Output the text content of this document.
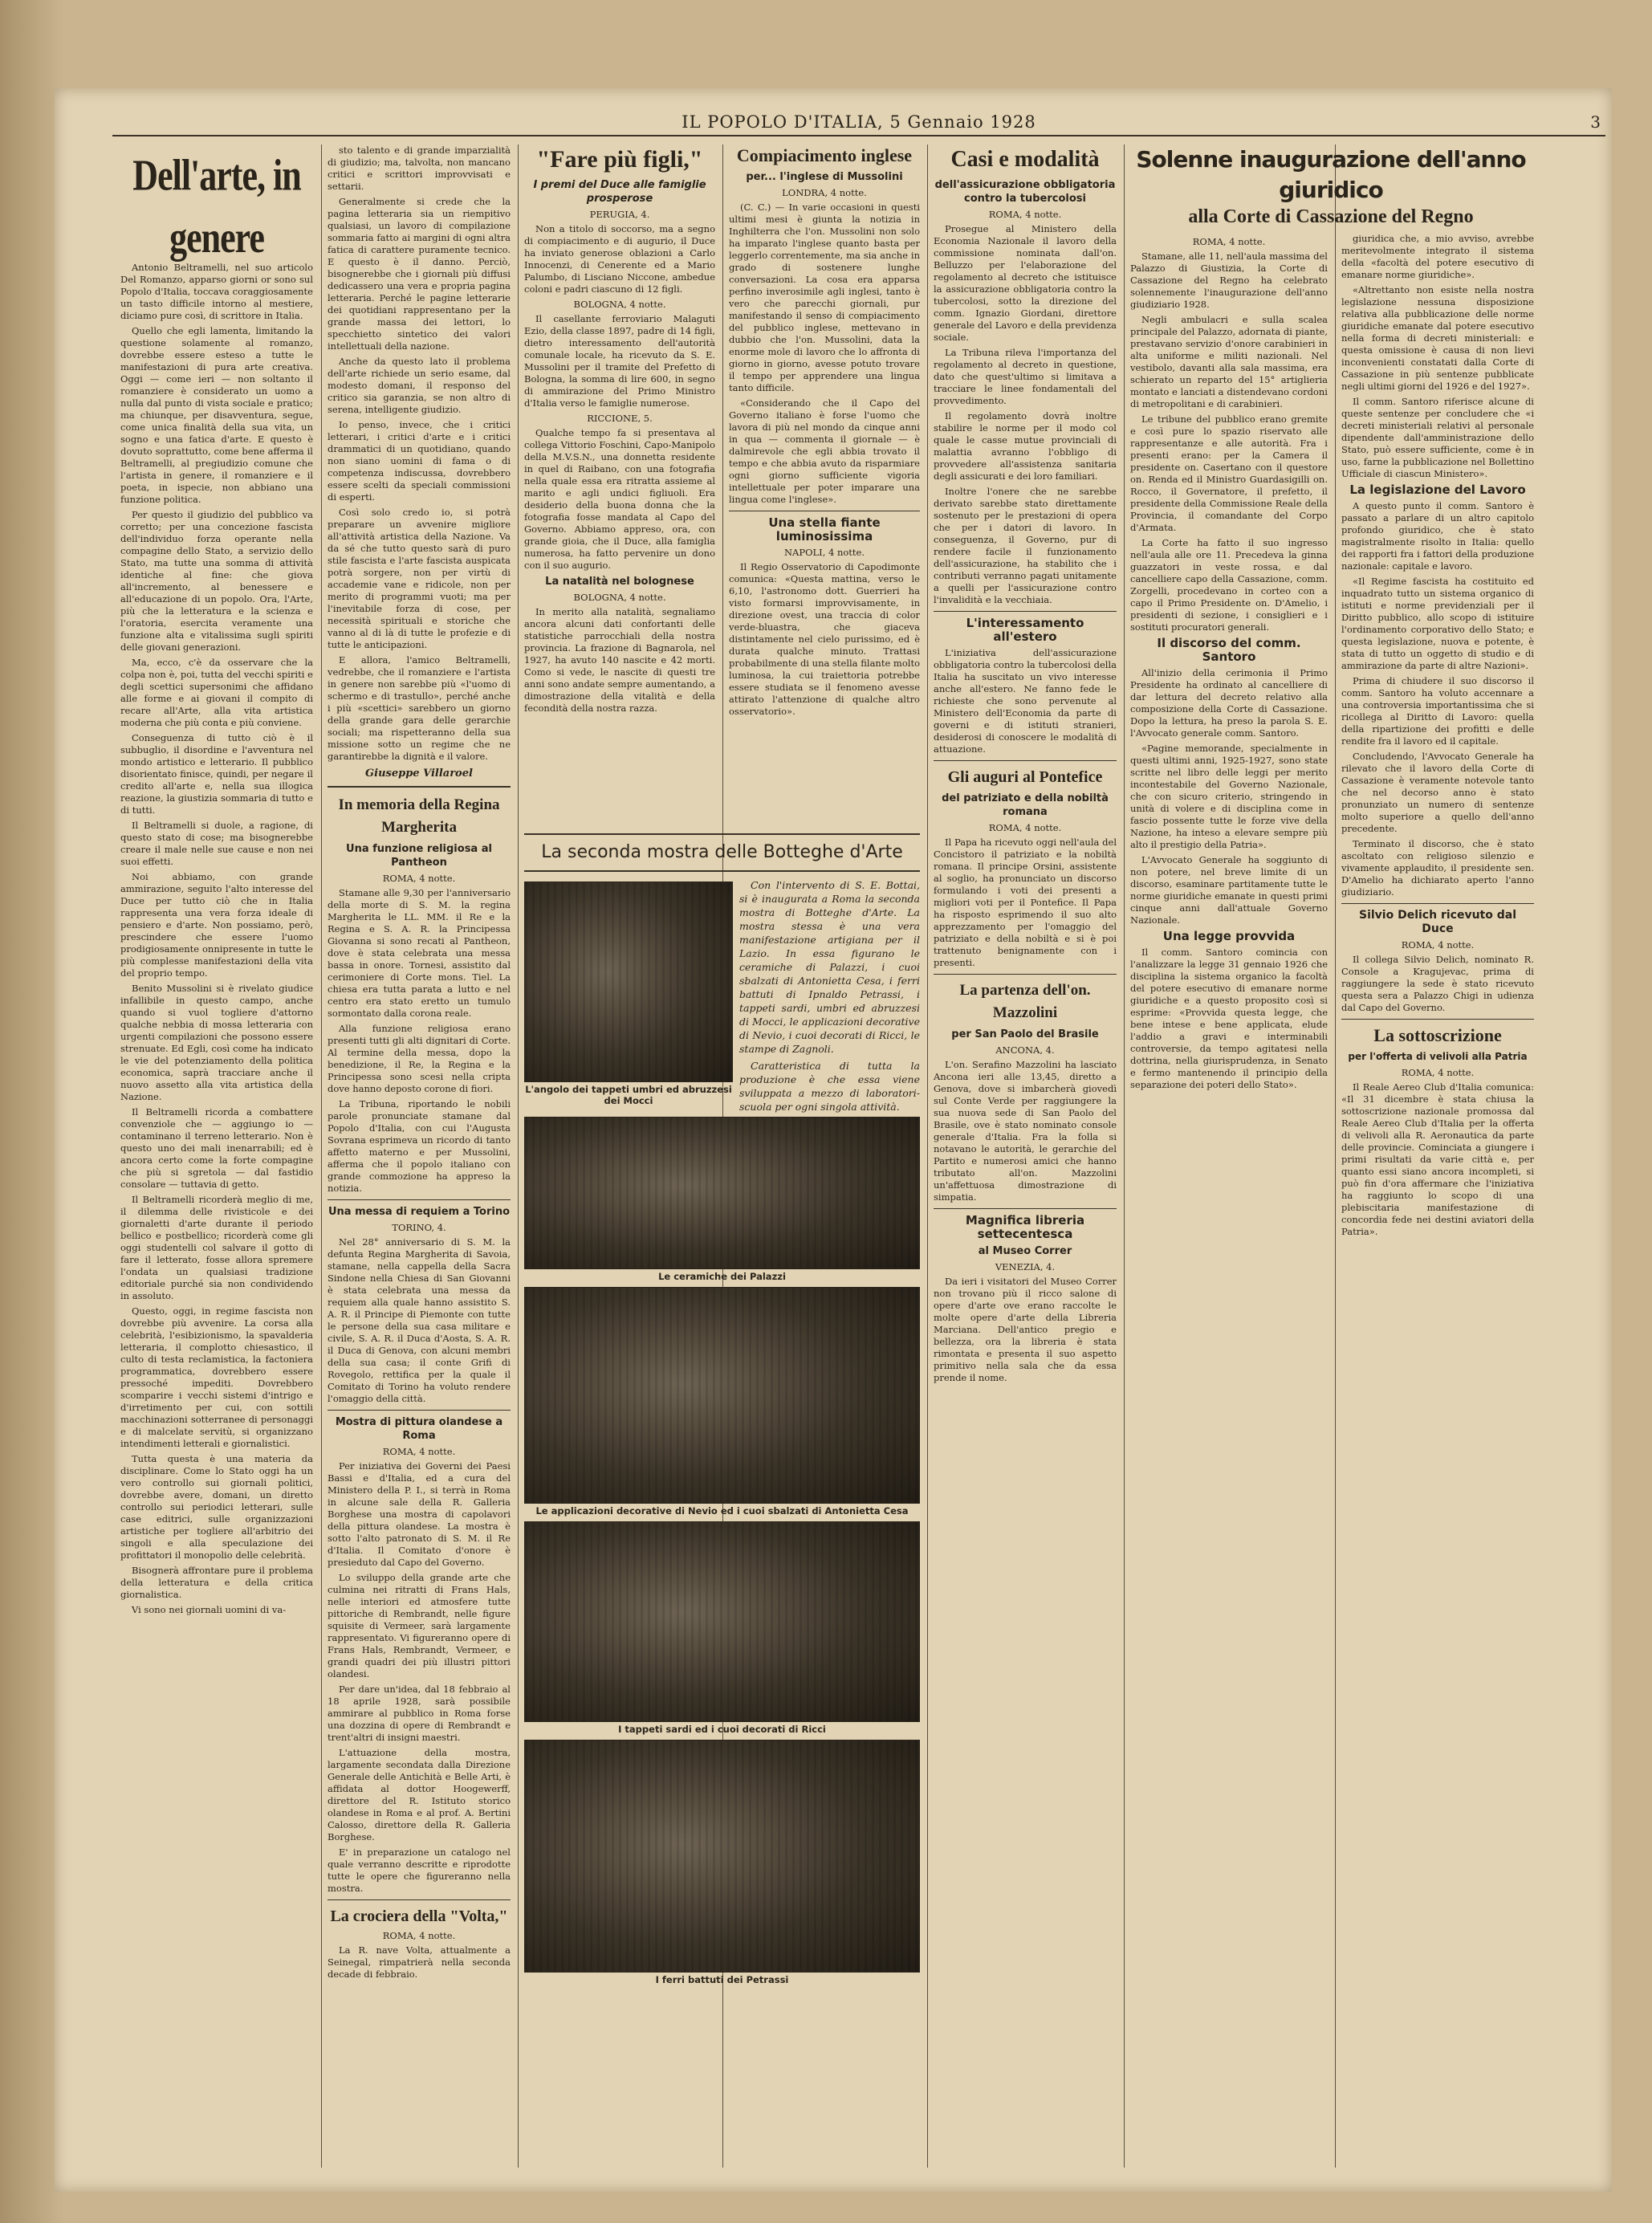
IL POPOLO D'ITALIA, 5 Gennaio 1928	3
Dell'arte, in genere

Antonio Beltramelli, nel suo articolo Del Romanzo, apparso giorni or sono sul Popolo d'Italia, toccava coraggiosamente un tasto difficile intorno al mestiere, diciamo pure così, di scrittore in Italia.

Quello che egli lamenta, limitando la questione solamente al romanzo, dovrebbe essere esteso a tutte le manifestazioni di pura arte creativa. Oggi — come ieri — non soltanto il romanziere è considerato un uomo a nulla dal punto di vista sociale e pratico; ma chiunque, per disavventura, segue, come unica finalità della sua vita, un sogno e una fatica d'arte. E questo è dovuto soprattutto, come bene afferma il Beltramelli, al pregiudizio comune che l'artista in genere, il romanziere e il poeta, in ispecie, non abbiano una funzione politica.

Per questo il giudizio del pubblico va corretto; per una concezione fascista dell'individuo forza operante nella compagine dello Stato, a servizio dello Stato, ma tutte una somma di attività identiche al fine: che giova all'incremento, al benessere e all'educazione di un popolo. Ora, l'Arte, più che la letteratura e la scienza e l'oratoria, esercita veramente una funzione alta e vitalissima sugli spiriti delle giovani generazioni.

Ma, ecco, c'è da osservare che la colpa non è, poi, tutta del vecchi spiriti e degli scettici supersonimi che affidano alle forme e ai giovani il compito di recare all'Arte, alla vita artistica moderna che più conta e più conviene.

Conseguenza di tutto ciò è il subbuglio, il disordine e l'avventura nel mondo artistico e letterario. Il pubblico disorientato finisce, quindi, per negare il credito all'arte e, nella sua illogica reazione, la giustizia sommaria di tutto e di tutti.

Il Beltramelli si duole, a ragione, di questo stato di cose; ma bisognerebbe creare il male nelle sue cause e non nei suoi effetti.

Noi abbiamo, con grande ammirazione, seguito l'alto interesse del Duce per tutto ciò che in Italia rappresenta una vera forza ideale di pensiero e d'arte. Non possiamo, però, prescindere che essere l'uomo prodigiosamente onnipresente in tutte le più complesse manifestazioni della vita del proprio tempo.

Benito Mussolini si è rivelato giudice infallibile in questo campo, anche quando si vuol togliere d'attorno qualche nebbia di mossa letteraria con urgenti compilazioni che possono essere strenuate. Ed Egli, così come ha indicato le vie del potenziamento della politica economica, saprà tracciare anche il nuovo assetto alla vita artistica della Nazione.

Il Beltramelli ricorda a combattere convenziole che — aggiungo io — contaminano il terreno letterario. Non è questo uno dei mali inenarrabili; ed è ancora certo come la forte compagine che più si sgretola — dal fastidio consolare — tuttavia di getto.

Il Beltramelli ricorderà meglio di me, il dilemma delle rivisticole e dei giornaletti d'arte durante il periodo bellico e postbellico; ricorderà come gli oggi studentelli col salvare il gotto di fare il letterato, fosse allora spremere l'ondata un qualsiasi tradizione editoriale purché sia non condividendo in assoluto.

Questo, oggi, in regime fascista non dovrebbe più avvenire. La corsa alla celebrità, l'esibizionismo, la spavalderia letteraria, il complotto chiesastico, il culto di testa reclamistica, la factoniera programmatica, dovrebbero essere pressoché impediti. Dovrebbero scomparire i vecchi sistemi d'intrigo e d'irretimento per cui, con sottili macchinazioni sotterranee di personaggi e di malcelate servitù, si organizzano intendimenti letterali e giornalistici.

Tutta questa è una materia da disciplinare. Come lo Stato oggi ha un vero controllo sui giornali politici, dovrebbe avere, domani, un diretto controllo sui periodici letterari, sulle case editrici, sulle organizzazioni artistiche per togliere all'arbitrio dei singoli e alla speculazione dei profittatori il monopolio delle celebrità.

Bisognerà affrontare pure il problema della letteratura e della critica giornalistica.

Vi sono nei giornali uomini di va-

sto talento e di grande imparzialità di giudizio; ma, talvolta, non mancano critici e scrittori improvvisati e settarii.

Generalmente si crede che la pagina letteraria sia un riempitivo qualsiasi, un lavoro di compilazione sommaria fatto ai margini di ogni altra fatica di carattere puramente tecnico. E questo è il danno. Perciò, bisognerebbe che i giornali più diffusi dedicassero una vera e propria pagina letteraria. Perché le pagine letterarie dei quotidiani rappresentano per la grande massa dei lettori, lo specchietto sintetico dei valori intellettuali della nazione.

Anche da questo lato il problema dell'arte richiede un serio esame, dal modesto domani, il responso del critico sia garanzia, se non altro di serena, intelligente giudizio.

Io penso, invece, che i critici letterari, i critici d'arte e i critici drammatici di un quotidiano, quando non siano uomini di fama o di competenza indiscussa, dovrebbero essere scelti da speciali commissioni di esperti.

Così solo credo io, si potrà preparare un avvenire migliore all'attività artistica della Nazione. Va da sé che tutto questo sarà di puro stile fascista e l'arte fascista auspicata potrà sorgere, non per virtù di accademie vane e ridicole, non per merito di programmi vuoti; ma per l'inevitabile forza di cose, per necessità spirituali e storiche che vanno al di là di tutte le profezie e di tutte le anticipazioni.

E allora, l'amico Beltramelli, vedrebbe, che il romanziere e l'artista in genere non sarebbe più «l'uomo di schermo e di trastullo», perché anche i più «scettici» sarebbero un giorno della grande gara delle gerarchie sociali; ma rispetteranno della sua missione sotto un regime che ne garantirebbe la dignità e il valore.

Giuseppe Villaroel
In memoria della Regina Margherita
Una funzione religiosa al Pantheon
ROMA, 4 notte.

Stamane alle 9,30 per l'anniversario della morte di S. M. la regina Margherita le LL. MM. il Re e la Regina e S. A. R. la Principessa Giovanna si sono recati al Pantheon, dove è stata celebrata una messa bassa in onore. Tornesi, assistito dal cerimoniere di Corte mons. Tiel. La chiesa era tutta parata a lutto e nel centro era stato eretto un tumulo sormontato dalla corona reale.

Alla funzione religiosa erano presenti tutti gli alti dignitari di Corte. Al termine della messa, dopo la benedizione, il Re, la Regina e la Principessa sono scesi nella cripta dove hanno deposto corone di fiori.

La Tribuna, riportando le nobili parole pronunciate stamane dal Popolo d'Italia, con cui l'Augusta Sovrana esprimeva un ricordo di tanto affetto materno e per Mussolini, afferma che il popolo italiano con grande commozione ha appreso la notizia.

Una messa di requiem a Torino
TORINO, 4.

Nel 28° anniversario di S. M. la defunta Regina Margherita di Savoia, stamane, nella cappella della Sacra Sindone nella Chiesa di San Giovanni è stata celebrata una messa da requiem alla quale hanno assistito S. A. R. il Principe di Piemonte con tutte le persone della sua casa militare e civile, S. A. R. il Duca d'Aosta, S. A. R. il Duca di Genova, con alcuni membri della sua casa; il conte Grifi di Rovegolo, rettifica per la quale il Comitato di Torino ha voluto rendere l'omaggio della città.

Mostra di pittura olandese a Roma
ROMA, 4 notte.

Per iniziativa dei Governi dei Paesi Bassi e d'Italia, ed a cura del Ministero della P. I., si terrà in Roma in alcune sale della R. Galleria Borghese una mostra di capolavori della pittura olandese. La mostra è sotto l'alto patronato di S. M. il Re d'Italia. Il Comitato d'onore è presieduto dal Capo del Governo.

Lo sviluppo della grande arte che culmina nei ritratti di Frans Hals, nelle interiori ed atmosfere tutte pittoriche di Rembrandt, nelle figure squisite di Vermeer, sarà largamente rappresentato. Vi figureranno opere di Frans Hals, Rembrandt, Vermeer, e grandi quadri dei più illustri pittori olandesi.

Per dare un'idea, dal 18 febbraio al 18 aprile 1928, sarà possibile ammirare al pubblico in Roma forse una dozzina di opere di Rembrandt e trent'altri di insigni maestri.

L'attuazione della mostra, largamente secondata dalla Direzione Generale delle Antichità e Belle Arti, è affidata al dottor Hoogewerff, direttore del R. Istituto storico olandese in Roma e al prof. A. Bertini Calosso, direttore della R. Galleria Borghese.

E' in preparazione un catalogo nel quale verranno descritte e riprodotte tutte le opere che figureranno nella mostra.

La crociera della "Volta,"
ROMA, 4 notte.

La R. nave Volta, attualmente a Seinegal, rimpatrierà nella seconda decade di febbraio.

"Fare più figli,"
I premi del Duce alle famiglie prosperose
PERUGIA, 4.

Non a titolo di soccorso, ma a segno di compiacimento e di augurio, il Duce ha inviato generose oblazioni a Carlo Innocenzi, di Cenerente ed a Mario Palumbo, di Lisciano Niccone, ambedue coloni e padri ciascuno di 12 figli.

BOLOGNA, 4 notte.

Il casellante ferroviario Malaguti Ezio, della classe 1897, padre di 14 figli, dietro interessamento dell'autorità comunale locale, ha ricevuto da S. E. Mussolini per il tramite del Prefetto di Bologna, la somma di lire 600, in segno di ammirazione del Primo Ministro d'Italia verso le famiglie numerose.

RICCIONE, 5.

Qualche tempo fa si presentava al collega Vittorio Foschini, Capo-Manipolo della M.V.S.N., una donnetta residente in quel di Raibano, con una fotografia nella quale essa era ritratta assieme al marito e agli undici figliuoli. Era desiderio della buona donna che la fotografia fosse mandata al Capo del Governo. Abbiamo appreso, ora, con grande gioia, che il Duce, alla famiglia numerosa, ha fatto pervenire un dono con il suo augurio.

La natalità nel bolognese
BOLOGNA, 4 notte.

In merito alla natalità, segnaliamo ancora alcuni dati confortanti delle statistiche parrocchiali della nostra provincia. La frazione di Bagnarola, nel 1927, ha avuto 140 nascite e 42 morti. Como si vede, le nascite di questi tre anni sono andate sempre aumentando, a dimostrazione della vitalità e della fecondità della nostra razza.

Compiacimento inglese
per... l'inglese di Mussolini
LONDRA, 4 notte.

(C. C.) — In varie occasioni in questi ultimi mesi è giunta la notizia in Inghilterra che l'on. Mussolini non solo ha imparato l'inglese quanto basta per leggerlo correntemente, ma sia anche in grado di sostenere lunghe conversazioni. La cosa era apparsa perfino inverosimile agli inglesi, tanto è vero che parecchi giornali, pur manifestando il senso di compiacimento del pubblico inglese, mettevano in dubbio che l'on. Mussolini, data la enorme mole di lavoro che lo affronta di giorno in giorno, avesse potuto trovare il tempo per apprendere una lingua tanto difficile.

«Considerando che il Capo del Governo italiano è forse l'uomo che lavora di più nel mondo da cinque anni in qua — commenta il giornale — è dalmirevole che egli abbia trovato il tempo e che abbia avuto da risparmiare ogni giorno sufficiente vigoria intellettuale per poter imparare una lingua come l'inglese».

Una stella fiante luminosissima
NAPOLI, 4 notte.

Il Regio Osservatorio di Capodimonte comunica: «Questa mattina, verso le 6,10, l'astronomo dott. Guerrieri ha visto formarsi improvvisamente, in direzione ovest, una traccia di color verde-bluastra, che giaceva distintamente nel cielo purissimo, ed è durata qualche minuto. Trattasi probabilmente di una stella filante molto luminosa, la cui traiettoria potrebbe essere studiata se il fenomeno avesse attirato l'attenzione di qualche altro osservatorio».

La seconda mostra delle Botteghe d'Arte
L'angolo dei tappeti umbri ed abruzzesi dei Mocci

Con l'intervento di S. E. Bottai, si è inaugurata a Roma la seconda mostra di Botteghe d'Arte. La mostra stessa è una vera manifestazione artigiana per il Lazio. In essa figurano le ceramiche di Palazzi, i cuoi sbalzati di Antonietta Cesa, i ferri battuti di Ipnaldo Petrassi, i tappeti sardi, umbri ed abruzzesi di Mocci, le applicazioni decorative di Nevio, i cuoi decorati di Ricci, le stampe di Zagnoli.

Caratteristica di tutta la produzione è che essa viene sviluppata a mezzo di laboratori-scuola per ogni singola attività.

Le ceramiche dei Palazzi
Le applicazioni decorative di Nevio ed i cuoi sbalzati di Antonietta Cesa
I tappeti sardi ed i cuoi decorati di Ricci
I ferri battuti dei Petrassi
Casi e modalità
dell'assicurazione obbligatoria contro la tubercolosi
ROMA, 4 notte.

Prosegue al Ministero della Economia Nazionale il lavoro della commissione nominata dall'on. Belluzzo per l'elaborazione del regolamento al decreto che istituisce la assicurazione obbligatoria contro la tubercolosi, sotto la direzione del comm. Ignazio Giordani, direttore generale del Lavoro e della previdenza sociale.

La Tribuna rileva l'importanza del regolamento al decreto in questione, dato che quest'ultimo si limitava a tracciare le linee fondamentali del provvedimento.

Il regolamento dovrà inoltre stabilire le norme per il modo col quale le casse mutue provinciali di malattia avranno l'obbligo di provvedere all'assistenza sanitaria degli assicurati e dei loro familiari.

Inoltre l'onere che ne sarebbe derivato sarebbe stato direttamente sostenuto per le prestazioni di opera che per i datori di lavoro. In conseguenza, il Governo, pur di rendere facile il funzionamento dell'assicurazione, ha stabilito che i contributi verranno pagati unitamente a quelli per l'assicurazione contro l'invalidità e la vecchiaia.

L'interessamento all'estero

L'iniziativa dell'assicurazione obbligatoria contro la tubercolosi della Italia ha suscitato un vivo interesse anche all'estero. Ne fanno fede le richieste che sono pervenute al Ministero dell'Economia da parte di governi e di istituti stranieri, desiderosi di conoscere le modalità di attuazione.

Gli auguri al Pontefice
del patriziato e della nobiltà romana
ROMA, 4 notte.

Il Papa ha ricevuto oggi nell'aula del Concistoro il patriziato e la nobiltà romana. Il principe Orsini, assistente al soglio, ha pronunciato un discorso formulando i voti dei presenti a migliori voti per il Pontefice. Il Papa ha risposto esprimendo il suo alto apprezzamento per l'omaggio del patriziato e della nobiltà e si è poi trattenuto benignamente con i presenti.

La partenza dell'on. Mazzolini
per San Paolo del Brasile
ANCONA, 4.

L'on. Serafino Mazzolini ha lasciato Ancona ieri alle 13,45, diretto a Genova, dove si imbarcherà giovedì sul Conte Verde per raggiungere la sua nuova sede di San Paolo del Brasile, ove è stato nominato console generale d'Italia. Fra la folla si notavano le autorità, le gerarchie del Partito e numerosi amici che hanno tributato all'on. Mazzolini un'affettuosa dimostrazione di simpatia.

Magnifica libreria settecentesca
al Museo Correr
VENEZIA, 4.

Da ieri i visitatori del Museo Correr non trovano più il ricco salone di opere d'arte ove erano raccolte le molte opere d'arte della Libreria Marciana. Dell'antico pregio e bellezza, ora la libreria è stata rimontata e presenta il suo aspetto primitivo nella sala che da essa prende il nome.

Solenne inaugurazione dell'anno giuridico
alla Corte di Cassazione del Regno
ROMA, 4 notte.

Stamane, alle 11, nell'aula massima del Palazzo di Giustizia, la Corte di Cassazione del Regno ha celebrato solennemente l'inaugurazione dell'anno giudiziario 1928.

Negli ambulacri e sulla scalea principale del Palazzo, adornata di piante, prestavano servizio d'onore carabinieri in alta uniforme e militi nazionali. Nel vestibolo, davanti alla sala massima, era schierato un reparto del 15° artiglieria montato e lanciati a distendevano cordoni di metropolitani e di carabinieri.

Le tribune del pubblico erano gremite e così pure lo spazio riservato alle rappresentanze e alle autorità. Fra i presenti erano: per la Camera il presidente on. Casertano con il questore on. Renda ed il Ministro Guardasigilli on. Rocco, il Governatore, il prefetto, il presidente della Commissione Reale della Provincia, il comandante del Corpo d'Armata.

La Corte ha fatto il suo ingresso nell'aula alle ore 11. Precedeva la ginna guazzatori in veste rossa, e dal cancelliere capo della Cassazione, comm. Zorgelli, procedevano in corteo con a capo il Primo Presidente on. D'Amelio, i presidenti di sezione, i consiglieri e i sostituti procuratori generali.

Il discorso del comm. Santoro

All'inizio della cerimonia il Primo Presidente ha ordinato al cancelliere di dar lettura del decreto relativo alla composizione della Corte di Cassazione. Dopo la lettura, ha preso la parola S. E. l'Avvocato generale comm. Santoro.

«Pagine memorande, specialmente in questi ultimi anni, 1925-1927, sono state scritte nel libro delle leggi per merito incontestabile del Governo Nazionale, che con sicuro criterio, stringendo in unità di volere e di disciplina come in fascio possente tutte le forze vive della Nazione, ha inteso a elevare sempre più alto il prestigio della Patria».

L'Avvocato Generale ha soggiunto di non potere, nel breve limite di un discorso, esaminare partitamente tutte le norme giuridiche emanate in questi primi cinque anni dall'attuale Governo Nazionale.

Una legge provvida

Il comm. Santoro comincia con l'analizzare la legge 31 gennaio 1926 che disciplina la sistema organico la facoltà del potere esecutivo di emanare norme giuridiche e a questo proposito così si esprime: «Provvida questa legge, che bene intese e bene applicata, elude l'addio a gravi e interminabili controversie, da tempo agitatesi nella dottrina, nella giurisprudenza, in Senato e fermo mantenendo il principio della separazione dei poteri dello Stato».

giuridica che, a mio avviso, avrebbe meritevolmente integrato il sistema della «facoltà del potere esecutivo di emanare norme giuridiche».

«Altrettanto non esiste nella nostra legislazione nessuna disposizione relativa alla pubblicazione delle norme giuridiche emanate dal potere esecutivo nella forma di decreti ministeriali: e questa omissione è causa di non lievi inconvenienti constatati dalla Corte di Cassazione in più sentenze pubblicate negli ultimi giorni del 1926 e del 1927».

Il comm. Santoro riferisce alcune di queste sentenze per concludere che «i decreti ministeriali relativi al personale dipendente dall'amministrazione dello Stato, può essere sufficiente, come è in uso, farne la pubblicazione nel Bollettino Ufficiale di ciascun Ministero».

La legislazione del Lavoro

A questo punto il comm. Santoro è passato a parlare di un altro capitolo profondo giuridico, che è stato magistralmente risolto in Italia: quello dei rapporti fra i fattori della produzione nazionale: capitale e lavoro.

«Il Regime fascista ha costituito ed inquadrato tutto un sistema organico di istituti e norme previdenziali per il Diritto pubblico, allo scopo di istituire l'ordinamento corporativo dello Stato; e questa legislazione, nuova e potente, è stata di tutto un oggetto di studio e di ammirazione da parte di altre Nazioni».

Prima di chiudere il suo discorso il comm. Santoro ha voluto accennare a una controversia importantissima che si ricollega al Diritto di Lavoro: quella della ripartizione dei profitti e delle rendite fra il lavoro ed il capitale.

Concludendo, l'Avvocato Generale ha rilevato che il lavoro della Corte di Cassazione è veramente notevole tanto che nel decorso anno è stato pronunziato un numero di sentenze molto superiore a quello dell'anno precedente.

Terminato il discorso, che è stato ascoltato con religioso silenzio e vivamente applaudito, il presidente sen. D'Amelio ha dichiarato aperto l'anno giudiziario.

Silvio Delich ricevuto dal Duce
ROMA, 4 notte.

Il collega Silvio Delich, nominato R. Console a Kragujevac, prima di raggiungere la sede è stato ricevuto questa sera a Palazzo Chigi in udienza dal Capo del Governo.

La sottoscrizione
per l'offerta di velivoli alla Patria
ROMA, 4 notte.

Il Reale Aereo Club d'Italia comunica: «Il 31 dicembre è stata chiusa la sottoscrizione nazionale promossa dal Reale Aereo Club d'Italia per la offerta di velivoli alla R. Aeronautica da parte delle provincie. Cominciata a giungere i primi risultati da varie città e, per quanto essi siano ancora incompleti, si può fin d'ora affermare che l'iniziativa ha raggiunto lo scopo di una plebiscitaria manifestazione di concordia fede nei destini aviatori della Patria».
